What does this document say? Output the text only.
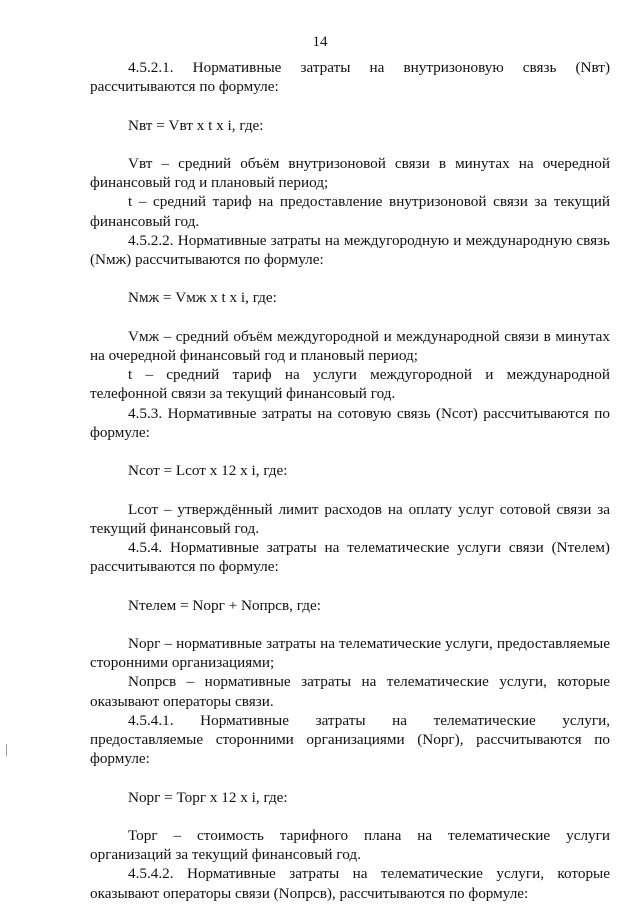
14
4.5.2.1. Нормативные затраты на внутризоновую связь (Nвт) рассчитываются по формуле:
Nвт = Vвт x t x i, где:
Vвт – средний объём внутризоновой связи в минутах на очередной финансовый год и плановый период;
t – средний тариф на предоставление внутризоновой связи за текущий финансовый год.
4.5.2.2. Нормативные затраты на междугородную и международную связь (Nмж) рассчитываются по формуле:
Nмж = Vмж x t x i, где:
Vмж – средний объём междугородной и международной связи в минутах на очередной финансовый год и плановый период;
t – средний тариф на услуги междугородной и международной телефонной связи за текущий финансовый год.
4.5.3. Нормативные затраты на сотовую связь (Nсот) рассчитываются по формуле:
Nсот = Lсот x 12 x i, где:
Lсот – утверждённый лимит расходов на оплату услуг сотовой связи за текущий финансовый год.
4.5.4. Нормативные затраты на телематические услуги связи (Nтелем) рассчитываются по формуле:
Nтелем = Nорг + Nопрсв, где:
Nорг – нормативные затраты на телематические услуги, предоставляемые сторонними организациями;
Nопрсв – нормативные затраты на телематические услуги, которые оказывают операторы связи.
4.5.4.1. Нормативные затраты на телематические услуги, предоставляемые сторонними организациями (Nорг), рассчитываются по формуле:
Nорг = Торг x 12 x i, где:
Торг – стоимость тарифного плана на телематические услуги организаций за текущий финансовый год.
4.5.4.2. Нормативные затраты на телематические услуги, которые оказывают операторы связи (Nопрсв), рассчитываются по формуле:
